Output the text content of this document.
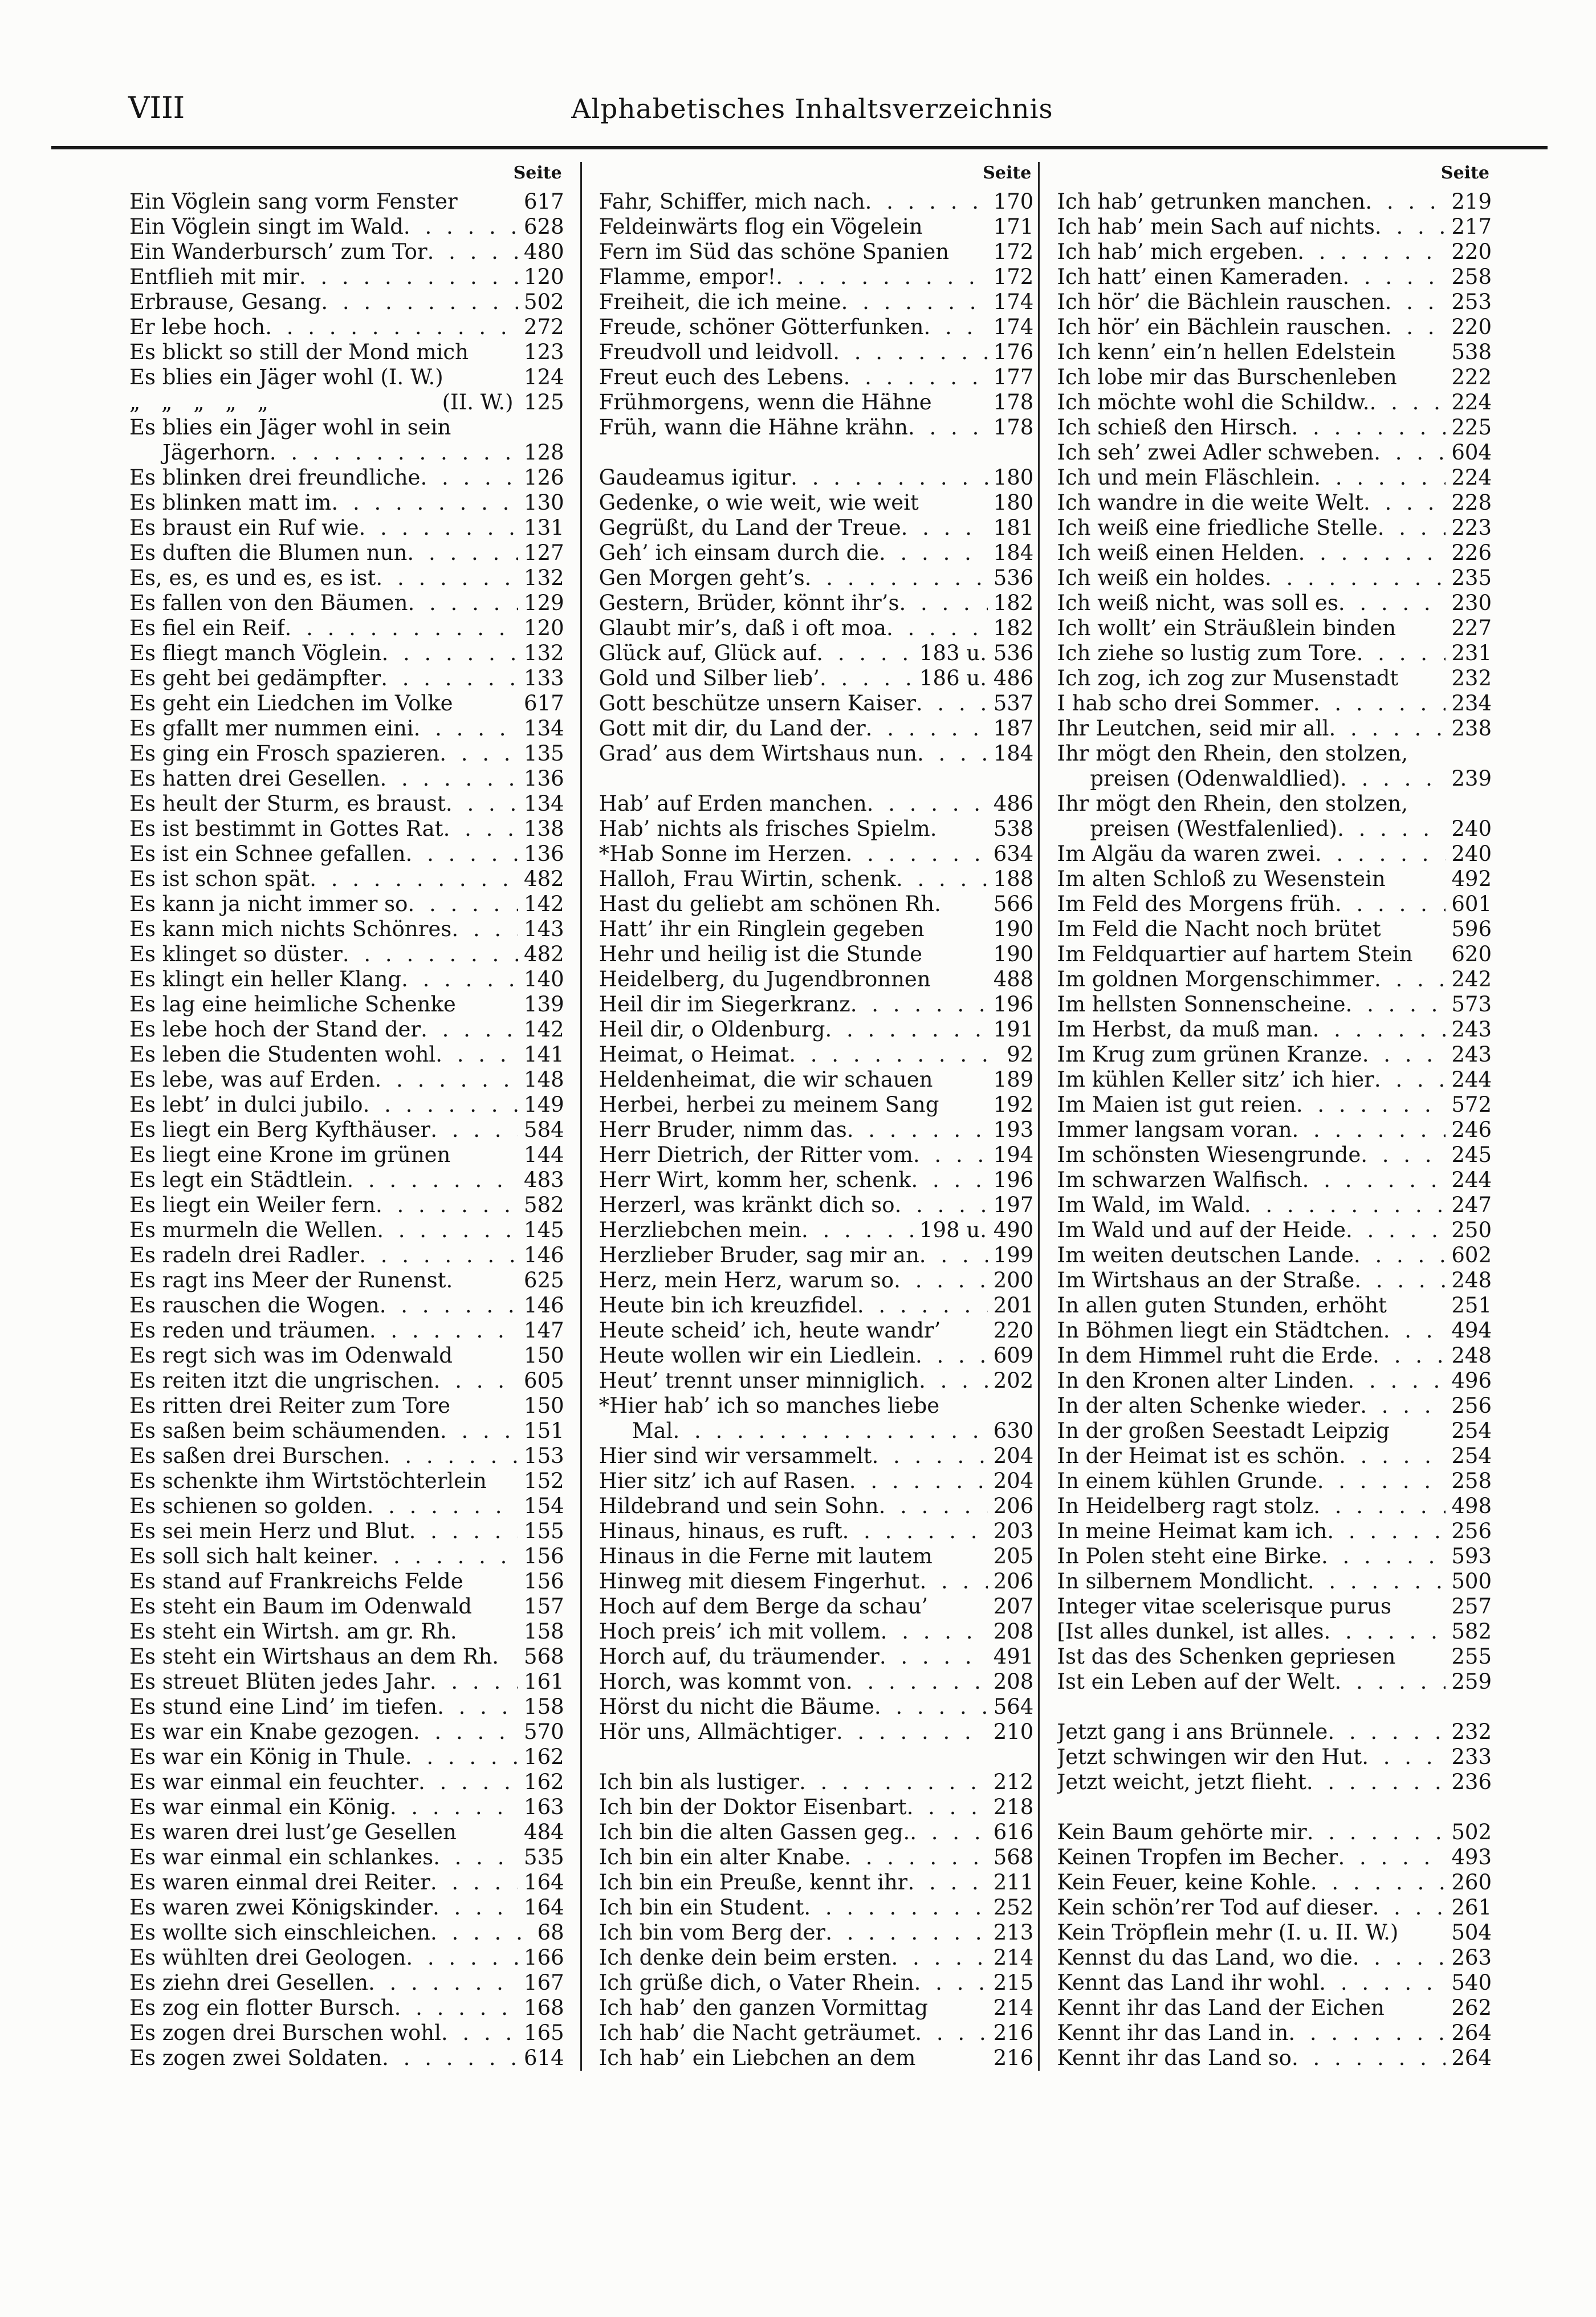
VIII	Alphabetisches Inhaltsverzeichnis
Seite
Ein Vöglein sang vorm Fenster	617
Ein Vöglein singt im Wald . . .	628
Ein Wanderbursch’ zum Tor . . .	480
Entflieh mit mir . . .	120
Erbrause, Gesang . . .	502
Er lebe hoch . . .	272
Es blickt so still der Mond mich	123
Es blies ein Jäger wohl (I. W.)	124
„ „ „ „ „	(II. W.) 125
Es blies ein Jäger wohl in sein
Jägerhorn . . .	128
Es blinken drei freundliche . . .	126
Es blinken matt im . . .	130
Es braust ein Ruf wie . . .	131
Es duften die Blumen nun . . .	127
Es, es, es und es, es ist . . .	132
Es fallen von den Bäumen . . .	129
Es fiel ein Reif . . .	120
Es fliegt manch Vöglein . . .	132
Es geht bei gedämpfter . . .	133
Es geht ein Liedchen im Volke	617
Es gfallt mer nummen eini . . .	134
Es ging ein Frosch spazieren . . .	135
Es hatten drei Gesellen . . .	136
Es heult der Sturm, es braust . . .	134
Es ist bestimmt in Gottes Rat . . .	138
Es ist ein Schnee gefallen . . .	136
Es ist schon spät . . .	482
Es kann ja nicht immer so . . .	142
Es kann mich nichts Schönres . . .	143
Es klinget so düster . . .	482
Es klingt ein heller Klang . . .	140
Es lag eine heimliche Schenke	139
Es lebe hoch der Stand der . . .	142
Es leben die Studenten wohl . . .	141
Es lebe, was auf Erden . . .	148
Es lebt’ in dulci jubilo . . .	149
Es liegt ein Berg Kyfthäuser . . .	584
Es liegt eine Krone im grünen	144
Es legt ein Städtlein . . .	483
Es liegt ein Weiler fern . . .	582
Es murmeln die Wellen . . .	145
Es radeln drei Radler . . .	146
Es ragt ins Meer der Runenst.	625
Es rauschen die Wogen . . .	146
Es reden und träumen . . .	147
Es regt sich was im Odenwald	150
Es reiten itzt die ungrischen . . .	605
Es ritten drei Reiter zum Tore	150
Es saßen beim schäumenden . . .	151
Es saßen drei Burschen . . .	153
Es schenkte ihm Wirtstöchterlein 152
Es schienen so golden . . .	154
Es sei mein Herz und Blut . . .	155
Es soll sich halt keiner . . .	156
Es stand auf Frankreichs Felde	156
Es steht ein Baum im Odenwald 157
Es steht ein Wirtsh. am gr. Rh.	158
Es steht ein Wirtshaus an dem Rh. 568
Es streuet Blüten jedes Jahr . . .	161
Es stund eine Lind’ im tiefen . . .	158
Es war ein Knabe gezogen . . .	570
Es war ein König in Thule . . .	162
Es war einmal ein feuchter . . .	162
Es war einmal ein König . . .	163
Es waren drei lust’ge Gesellen	484
Es war einmal ein schlankes . . .	535
Es waren einmal drei Reiter . . .	164
Es waren zwei Königskinder . . .	164
Es wollte sich einschleichen . . .	68
Es wühlten drei Geologen . . .	166
Es ziehn drei Gesellen . . .	167
Es zog ein flotter Bursch . . .	168
Es zogen drei Burschen wohl . . .	165
Es zogen zwei Soldaten . . .	614
Seite
Fahr, Schiffer, mich nach . . .	170
Feldeinwärts flog ein Vögelein	171
Fern im Süd das schöne Spanien 172
Flamme, empor! . . .	172
Freiheit, die ich meine . . .	174
Freude, schöner Götterfunken . . .	174
Freudvoll und leidvoll . . .	176
Freut euch des Lebens . . .	177
Frühmorgens, wenn die Hähne	178
Früh, wann die Hähne krähn . . .	178
Gaudeamus igitur . . .	180
Gedenke, o wie weit, wie weit	180
Gegrüßt, du Land der Treue . . .	181
Geh’ ich einsam durch die . . .	184
Gen Morgen geht’s . . .	536
Gestern, Brüder, könnt ihr’s . . .	182
Glaubt mir’s, daß i oft moa . . .	182
Glück auf, Glück auf . . .	183 u. 536
Gold und Silber lieb’ . . .	186 u. 486
Gott beschütze unsern Kaiser . . .	537
Gott mit dir, du Land der . . .	187
Grad’ aus dem Wirtshaus nun . . .	184
Hab’ auf Erden manchen . . .	486
Hab’ nichts als frisches Spielm.	538
*Hab Sonne im Herzen . . .	634
Halloh, Frau Wirtin, schenk . . .	188
Hast du geliebt am schönen Rh. 566
Hatt’ ihr ein Ringlein gegeben	190
Hehr und heilig ist die Stunde	190
Heidelberg, du Jugendbronnen	488
Heil dir im Siegerkranz . . .	196
Heil dir, o Oldenburg . . .	191
Heimat, o Heimat . . .	92
Heldenheimat, die wir schauen	189
Herbei, herbei zu meinem Sang	192
Herr Bruder, nimm das . . .	193
Herr Dietrich, der Ritter vom . . .	194
Herr Wirt, komm her, schenk . . .	196
Herzerl, was kränkt dich so . . .	197
Herzliebchen mein . . .	198 u. 490
Herzlieber Bruder, sag mir an . . .	199
Herz, mein Herz, warum so . . .	200
Heute bin ich kreuzfidel . . .	201
Heute scheid’ ich, heute wandr’ 220
Heute wollen wir ein Liedlein . . .	609
Heut’ trennt unser minniglich . . .	202
*Hier hab’ ich so manches liebe
Mal . . .	630
Hier sind wir versammelt . . .	204
Hier sitz’ ich auf Rasen . . .	204
Hildebrand und sein Sohn . . .	206
Hinaus, hinaus, es ruft . . .	203
Hinaus in die Ferne mit lautem	205
Hinweg mit diesem Fingerhut . . .	206
Hoch auf dem Berge da schau’	207
Hoch preis’ ich mit vollem . . .	208
Horch auf, du träumender . . .	491
Horch, was kommt von . . .	208
Hörst du nicht die Bäume . . .	564
Hör uns, Allmächtiger . . .	210
Ich bin als lustiger . . .	212
Ich bin der Doktor Eisenbart . . .	218
Ich bin die alten Gassen geg. . . .	616
Ich bin ein alter Knabe . . .	568
Ich bin ein Preuße, kennt ihr . . .	211
Ich bin ein Student . . .	252
Ich bin vom Berg der . . .	213
Ich denke dein beim ersten . . .	214
Ich grüße dich, o Vater Rhein . . .	215
Ich hab’ den ganzen Vormittag	214
Ich hab’ die Nacht geträumet . . .	216
Ich hab’ ein Liebchen an dem	216
Seite
Ich hab’ getrunken manchen . . .	219
Ich hab’ mein Sach auf nichts . . .	217
Ich hab’ mich ergeben . . .	220
Ich hatt’ einen Kameraden . . .	258
Ich hör’ die Bächlein rauschen . . .	253
Ich hör’ ein Bächlein rauschen . . .	220
Ich kenn’ ein’n hellen Edelstein	538
Ich lobe mir das Burschenleben	222
Ich möchte wohl die Schildw. . . .	224
Ich schieß den Hirsch . . .	225
Ich seh’ zwei Adler schweben . . .	604
Ich und mein Fläschlein . . .	224
Ich wandre in die weite Welt . . .	228
Ich weiß eine friedliche Stelle . . .	223
Ich weiß einen Helden . . .	226
Ich weiß ein holdes . . .	235
Ich weiß nicht, was soll es . . .	230
Ich wollt’ ein Sträußlein binden	227
Ich ziehe so lustig zum Tore . . .	231
Ich zog, ich zog zur Musenstadt	232
I hab scho drei Sommer . . .	234
Ihr Leutchen, seid mir all . . .	238
Ihr mögt den Rhein, den stolzen,
preisen (Odenwaldlied) . . .	239
Ihr mögt den Rhein, den stolzen,
preisen (Westfalenlied) . . .	240
Im Algäu da waren zwei . . .	240
Im alten Schloß zu Wesenstein	492
Im Feld des Morgens früh . . .	601
Im Feld die Nacht noch brütet	596
Im Feldquartier auf hartem Stein 620
Im goldnen Morgenschimmer . . .	242
Im hellsten Sonnenscheine . . .	573
Im Herbst, da muß man . . .	243
Im Krug zum grünen Kranze . . .	243
Im kühlen Keller sitz’ ich hier . . .	244
Im Maien ist gut reien . . .	572
Immer langsam voran . . .	246
Im schönsten Wiesengrunde . . .	245
Im schwarzen Walfisch . . .	244
Im Wald, im Wald . . .	247
Im Wald und auf der Heide . . .	250
Im weiten deutschen Lande . . .	602
Im Wirtshaus an der Straße . . .	248
In allen guten Stunden, erhöht	251
In Böhmen liegt ein Städtchen . . .	494
In dem Himmel ruht die Erde . . .	248
In den Kronen alter Linden . . .	496
In der alten Schenke wieder . . .	256
In der großen Seestadt Leipzig	254
In der Heimat ist es schön . . .	254
In einem kühlen Grunde . . .	258
In Heidelberg ragt stolz . . .	498
In meine Heimat kam ich . . .	256
In Polen steht eine Birke . . .	593
In silbernem Mondlicht . . .	500
Integer vitae scelerisque purus	257
[Ist alles dunkel, ist alles . . .	582
Ist das des Schenken gepriesen	255
Ist ein Leben auf der Welt . . .	259
Jetzt gang i ans Brünnele . . .	232
Jetzt schwingen wir den Hut . . .	233
Jetzt weicht, jetzt flieht . . .	236
Kein Baum gehörte mir . . .	502
Keinen Tropfen im Becher . . .	493
Kein Feuer, keine Kohle . . .	260
Kein schön’rer Tod auf dieser . . .	261
Kein Tröpflein mehr (I. u. II. W.)	504
Kennst du das Land, wo die . . .	263
Kennt das Land ihr wohl . . .	540
Kennt ihr das Land der Eichen	262
Kennt ihr das Land in . . .	264
Kennt ihr das Land so . . .	264
